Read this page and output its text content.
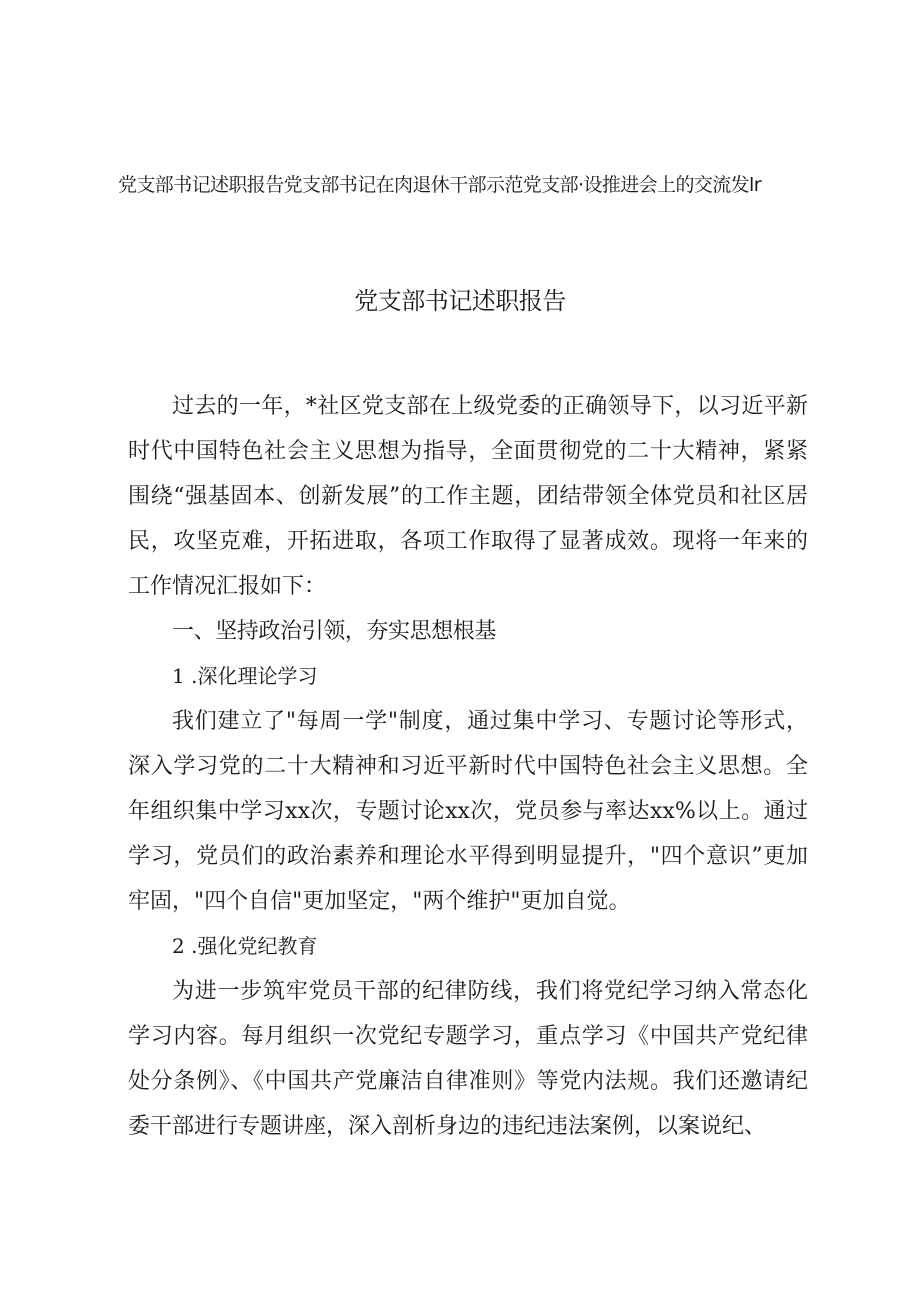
党支部书记述职报告党支部书记在肉退休干部示范党支部·设推进会上的交流发lr
党支部书记述职报告

过去的一年，*社区党支部在上级党委的正确领导下，以习近平新时代中国特色社会主义思想为指导，全面贯彻党的二十大精神，紧紧围绕“强基固本、创新发展”的工作主题，团结带领全体党员和社区居民，攻坚克难，开拓进取，各项工作取得了显著成效。现将一年来的工作情况汇报如下：

一、坚持政治引领，夯实思想根基

1 .深化理论学习

我们建立了"每周一学"制度，通过集中学习、专题讨论等形式，深入学习党的二十大精神和习近平新时代中国特色社会主义思想。全年组织集中学习xx次，专题讨论xx次，党员参与率达xx%以上。通过学习，党员们的政治素养和理论水平得到明显提升，"四个意识”更加牢固，"四个自信"更加坚定，"两个维护"更加自觉。

2 .强化党纪教育

为进一步筑牢党员干部的纪律防线，我们将党纪学习纳入常态化学习内容。每月组织一次党纪专题学习，重点学习《中国共产党纪律处分条例》、《中国共产党廉洁自律准则》等党内法规。我们还邀请纪委干部进行专题讲座，深入剖析身边的违纪违法案例，以案说纪、
